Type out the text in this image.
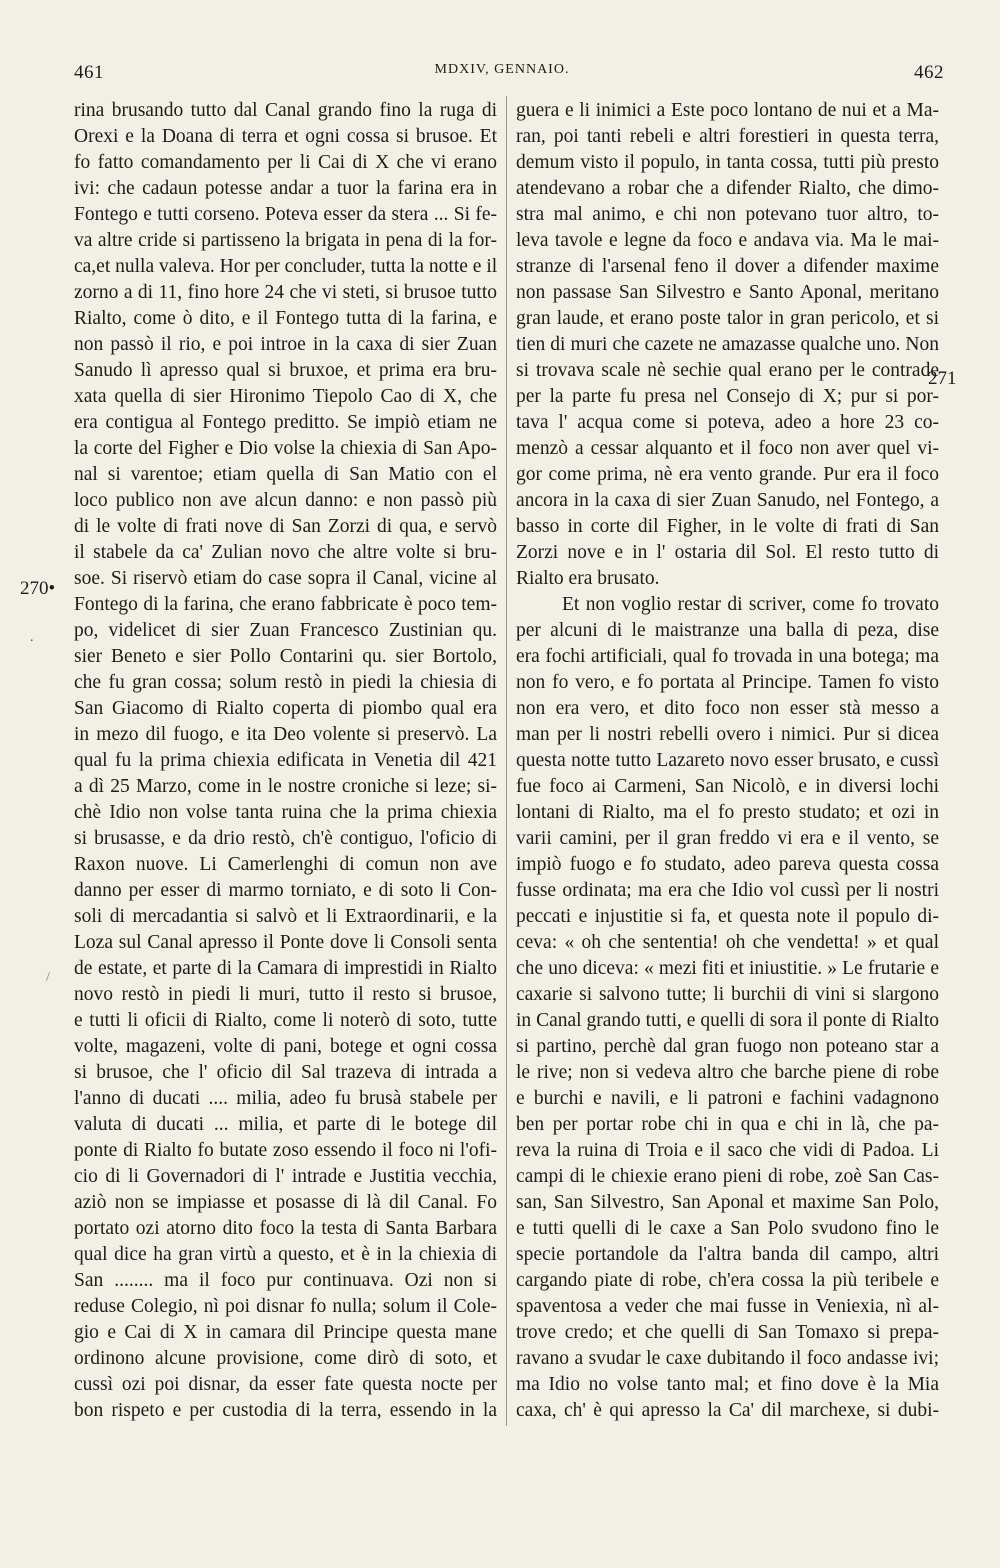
461	MDXIV, GENNAIO.	462
270•
.
/
271
rina brusando tutto dal Canal grando fino la ruga di
Orexi e la Doana di terra et ogni cossa si brusoe. Et
fo fatto comandamento per li Cai di X che vi erano
ivi: che cadaun potesse andar a tuor la farina era in
Fontego e tutti corseno. Poteva esser da stera ... Si fe-
va altre cride si partisseno la brigata in pena di la for-
ca,et nulla valeva. Hor per concluder, tutta la notte e il
zorno a di 11, fino hore 24 che vi steti, si brusoe tutto
Rialto, come ò dito, e il Fontego tutta di la farina, e
non passò il rio, e poi introe in la caxa di sier Zuan
Sanudo lì apresso qual si bruxoe, et prima era bru-
xata quella di sier Hironimo Tiepolo Cao di X, che
era contigua al Fontego preditto. Se impiò etiam ne
la corte del Figher e Dio volse la chiexia di San Apo-
nal si varentoe; etiam quella di San Matio con el
loco publico non ave alcun danno: e non passò più
di le volte di frati nove di San Zorzi di qua, e servò
il stabele da ca' Zulian novo che altre volte si bru-
soe. Si riservò etiam do case sopra il Canal, vicine al
Fontego di la farina, che erano fabbricate è poco tem-
po, videlicet di sier Zuan Francesco Zustinian qu.
sier Beneto e sier Pollo Contarini qu. sier Bortolo,
che fu gran cossa; solum restò in piedi la chiesia di
San Giacomo di Rialto coperta di piombo qual era
in mezo dil fuogo, e ita Deo volente si preservò. La
qual fu la prima chiexia edificata in Venetia dil 421
a dì 25 Marzo, come in le nostre croniche si leze; si-
chè Idio non volse tanta ruina che la prima chiexia
si brusasse, e da drio restò, ch'è contiguo, l'oficio di
Raxon nuove. Li Camerlenghi di comun non ave
danno per esser di marmo torniato, e di soto li Con-
soli di mercadantia si salvò et li Extraordinarii, e la
Loza sul Canal apresso il Ponte dove li Consoli senta
de estate, et parte di la Camara di imprestidi in Rialto
novo restò in piedi li muri, tutto il resto si brusoe,
e tutti li oficii di Rialto, come li noterò di soto, tutte
volte, magazeni, volte di pani, botege et ogni cossa
si brusoe, che l' oficio dil Sal trazeva di intrada a
l'anno di ducati .... milia, adeo fu brusà stabele per
valuta di ducati ... milia, et parte di le botege dil
ponte di Rialto fo butate zoso essendo il foco ni l'ofi-
cio di li Governadori di l' intrade e Justitia vecchia,
aziò non se impiasse et posasse di là dil Canal. Fo
portato ozi atorno dito foco la testa di Santa Barbara
qual dice ha gran virtù a questo, et è in la chiexia di
San ........ ma il foco pur continuava. Ozi non si
reduse Colegio, nì poi disnar fo nulla; solum il Cole-
gio e Cai di X in camara dil Principe questa mane
ordinono alcune provisione, come dirò di soto, et
cussì ozi poi disnar, da esser fate questa nocte per
bon rispeto e per custodia di la terra, essendo in la
guera e li inimici a Este poco lontano de nui et a Ma-
ran, poi tanti rebeli e altri forestieri in questa terra,
demum visto il populo, in tanta cossa, tutti più presto
atendevano a robar che a difender Rialto, che dimo-
stra mal animo, e chi non potevano tuor altro, to-
leva tavole e legne da foco e andava via. Ma le mai-
stranze di l'arsenal feno il dover a difender maxime
non passase San Silvestro e Santo Aponal, meritano
gran laude, et erano poste talor in gran pericolo, et si
tien di muri che cazete ne amazasse qualche uno. Non
si trovava scale nè sechie qual erano per le contrade
per la parte fu presa nel Consejo di X; pur si por-
tava l' acqua come si poteva, adeo a hore 23 co-
menzò a cessar alquanto et il foco non aver quel vi-
gor come prima, nè era vento grande. Pur era il foco
ancora in la caxa di sier Zuan Sanudo, nel Fontego, a
basso in corte dil Figher, in le volte di frati di San
Zorzi nove e in l' ostaria dil Sol. El resto tutto di
Rialto era brusato.
Et non voglio restar di scriver, come fo trovato
per alcuni di le maistranze una balla di peza, dise
era fochi artificiali, qual fo trovada in una botega; ma
non fo vero, e fo portata al Principe. Tamen fo visto
non era vero, et dito foco non esser stà messo a
man per li nostri rebelli overo i nimici. Pur si dicea
questa notte tutto Lazareto novo esser brusato, e cussì
fue foco ai Carmeni, San Nicolò, e in diversi lochi
lontani di Rialto, ma el fo presto studato; et ozi in
varii camini, per il gran freddo vi era e il vento, se
impiò fuogo e fo studato, adeo pareva questa cossa
fusse ordinata; ma era che Idio vol cussì per li nostri
peccati e injustitie si fa, et questa note il populo di-
ceva: « oh che sententia! oh che vendetta! » et qual
che uno diceva: « mezi fiti et iniustitie. » Le frutarie e
caxarie si salvono tutte; li burchii di vini si slargono
in Canal grando tutti, e quelli di sora il ponte di Rialto
si partino, perchè dal gran fuogo non poteano star a
le rive; non si vedeva altro che barche piene di robe
e burchi e navili, e li patroni e fachini vadagnono
ben per portar robe chi in qua e chi in là, che pa-
reva la ruina di Troia e il saco che vidi di Padoa. Li
campi di le chiexie erano pieni di robe, zoè San Cas-
san, San Silvestro, San Aponal et maxime San Polo,
e tutti quelli di le caxe a San Polo svudono fino le
specie portandole da l'altra banda dil campo, altri
cargando piate di robe, ch'era cossa la più teribele e
spaventosa a veder che mai fusse in Veniexia, nì al-
trove credo; et che quelli di San Tomaxo si prepa-
ravano a svudar le caxe dubitando il foco andasse ivi;
ma Idio no volse tanto mal; et fino dove è la Mia
caxa, ch' è qui apresso la Ca' dil marchexe, si dubi-
